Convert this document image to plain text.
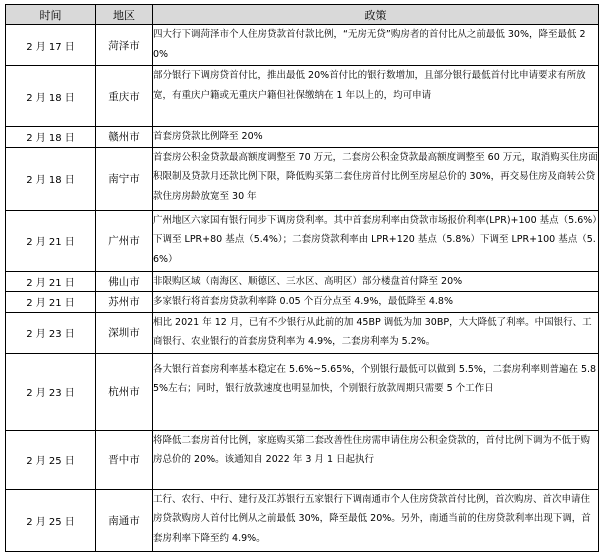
时间	地区	政策
2 月 17 日	菏泽市	四大行下调菏泽市个人住房贷款首付款比例，“无房无贷”购房者的首付比从之前最低 30%，降至最低 20%
2 月 18 日	重庆市	部分银行下调房贷首付比，推出最低 20%首付比的银行数增加，且部分银行最低首付比申请要求有所放宽，有重庆户籍或无重庆户籍但社保缴纳在 1 年以上的，均可申请
2 月 18 日	赣州市	首套房贷款比例降至 20%
2 月 18 日	南宁市	首套房公积金贷款最高额度调整至 70 万元，二套房公积金贷款最高额度调整至 60 万元，取消购买住房面积限制及贷款月还款比例下限，降低购买第二套住房首付比例至房屋总价的 30%，再交易住房及商转公贷款住房房龄放宽至 30 年
2 月 21 日	广州市	广州地区六家国有银行同步下调房贷利率。其中首套房利率由贷款市场报价利率(LPR)+100 基点（5.6%）下调至 LPR+80 基点（5.4%）；二套房贷款利率由 LPR+120 基点（5.8%）下调至 LPR+100 基点（5.6%）
2 月 21 日	佛山市	非限购区域（南海区、顺德区、三水区、高明区）部分楼盘首付降至 20%
2 月 21 日	苏州市	多家银行将首套房贷款利率降 0.05 个百分点至 4.9%，最低降至 4.8%
2 月 23 日	深圳市	相比 2021 年 12 月，已有不少银行从此前的加 45BP 调低为加 30BP，大大降低了利率。中国银行、工商银行、农业银行的首套房贷利率为 4.9%，二套房利率为 5.2%。
2 月 23 日	杭州市	各大银行首套房利率基本稳定在 5.6%~5.65%，个别银行最低可以做到 5.5%，二套房利率则普遍在 5.85%左右；同时，银行放款速度也明显加快，个别银行放款周期只需要 5 个工作日
2 月 25 日	晋中市	将降低二套房首付比例，家庭购买第二套改善性住房需申请住房公积金贷款的，首付比例下调为不低于购房总价的 20%。该通知自 2022 年 3 月 1 日起执行
2 月 25 日	南通市	工行、农行、中行、建行及江苏银行五家银行下调南通市个人住房贷款首付比例，首次购房、首次申请住房贷款购房人首付比例从之前最低 30%，降至最低 20%。另外，南通当前的住房贷款利率出现下调，首套房利率下降至约 4.9%。
